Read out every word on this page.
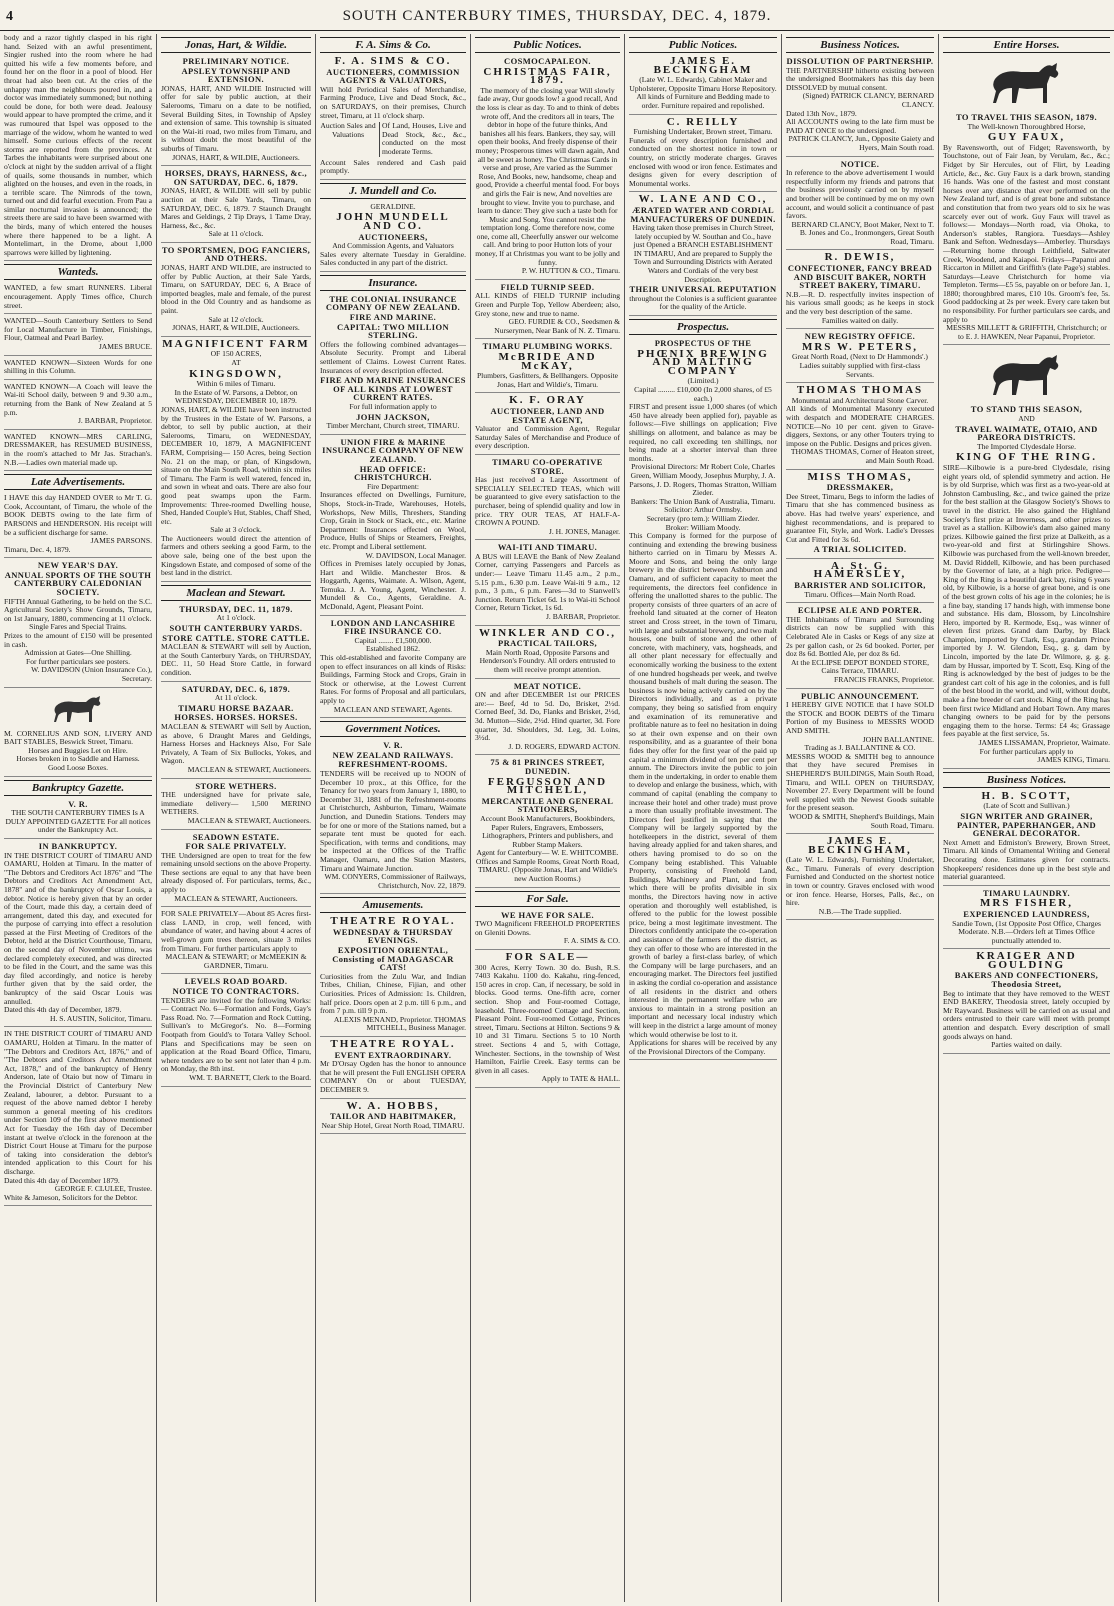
4	SOUTH CANTERBURY TIMES, THURSDAY, DEC. 4, 1879.
body and a razor tightly clasped in his right hand. Seized with an awful presentiment, Singier rushed into the room where he had quitted his wife a few moments before, and found her on the floor in a pool of blood. Her throat had also been cut. At the cries of the unhappy man the neighbours poured in, and a doctor was immediately summoned; but nothing could be done, for both were dead. Jealousy would appear to have prompted the crime, and it was rumoured that Ispel was opposed to the marriage of the widow, whom he wanted to wed himself. Some curious effects of the recent storms are reported from the provinces. At Tarbes the inhabitants were surprised about one o'clock at night by the sudden arrival of a flight of quails, some thousands in number, which alighted on the houses, and even in the roads, in a terrible scare. The Nimrods of the town, turned out and did fearful execution. From Pau a similar nocturnal invasion is announced; the streets there are said to have been swarmed with the birds, many of which entered the houses where there happened to be a light. A Montelimart, in the Drome, about 1,000 sparrows were killed by lightening.
Wanteds.
WANTED, a few smart RUNNERS. Liberal encouragement. Apply Times office, Church street.
WANTED—South Canterbury Settlers to Send for Local Manufacture in Timber, Finishings, Flour, Oatmeal and Pearl Barley.
JAMES BRUCE.
WANTED KNOWN—Sixteen Words for one shilling in this Column.
WANTED KNOWN—A Coach will leave the Wai-iti School daily, between 9 and 9.30 a.m., returning from the Bank of New Zealand at 5 p.m.
J. BARBAR, Proprietor.
WANTED KNOWN—MRS CARLING, DRESSMAKER, has RESUMED BUSINESS, in the room's attached to Mr Jas. Strachan's. N.B.—Ladies own material made up.
Late Advertisements.
I HAVE this day HANDED OVER to Mr T. G. Cook, Accountant, of Timaru, the whole of the BOOK DEBTS owing to the late firm of PARSONS and HENDERSON. His receipt will be a sufficient discharge for same.
JAMES PARSONS.
Timaru, Dec. 4, 1879.
NEW YEAR'S DAY.
ANNUAL SPORTS OF THE SOUTH CANTERBURY CALEDONIAN SOCIETY.
FIFTH Annual Gathering, to be held on the S.C. Agricultural Society's Show Grounds, Timaru, on 1st January, 1880, commencing at 11 o'clock.
Single Fares and Special Trains.
Prizes to the amount of £150 will be presented in cash.
Admission at Gates—One Shilling.
For further particulars see posters.
W. DAVIDSON (Union Insurance Co.), Secretary.
M. CORNELIUS AND SON, LIVERY AND BAIT STABLES, Beswick Street, Timaru.
Horses and Buggies Let on Hire.
Horses broken in to Saddle and Harness.
Good Loose Boxes.
Bankruptcy Gazette.
V. R.
THE SOUTH CANTERBURY TIMES Is A DULY APPOINTED GAZETTE For all notices under the Bankruptcy Act.
IN BANKRUPTCY.
IN THE DISTRICT COURT of TIMARU AND OAMARU, Holden at Timaru. In the matter of "The Debtors and Creditors Act 1876" and "The Debtors and Creditors Act Amendment Act, 1878" and of the bankruptcy of Oscar Louis, a debtor. Notice is hereby given that by an order of the Court, made this day, a certain deed of arrangement, dated this day, and executed for the purpose of carrying into effect a resolution passed at the First Meeting of Creditors of the Debtor, held at the District Courthouse, Timaru, on the second day of November ultimo, was declared completely executed, and was directed to be filed in the Court, and the same was this day filed accordingly, and notice is hereby further given that by the said order, the bankruptcy of the said Oscar Louis was annulled.
Dated this 4th day of December, 1879.
H. S. AUSTIN, Solicitor, Timaru.
IN THE DISTRICT COURT of TIMARU AND OAMARU, Holden at Timaru. In the matter of "The Debtors and Creditors Act, 1876," and of "The Debtors and Creditors Act Amendment Act, 1878," and of the bankruptcy of Henry Anderson, late of Otaio but now of Timaru in the Provincial District of Canterbury New Zealand, labourer, a debtor. Pursuant to a request of the above named debtor I hereby summon a general meeting of his creditors under Section 109 of the first above mentioned Act for Tuesday the 16th day of December instant at twelve o'clock in the forenoon at the District Court House at Timaru for the purpose of taking into consideration the debtor's intended application to this Court for his discharge.
Dated this 4th day of December 1879.
GEORGE F. CLULEE, Trustee.
White & Jameson, Solicitors for the Debtor.
Jonas, Hart, & Wildie.
PRELIMINARY NOTICE.
APSLEY TOWNSHIP AND EXTENSION.
JONAS, HART, AND WILDIE Instructed will offer for sale by public auction, at their Salerooms, Timaru on a date to be notified, Several Building Sites, in Township of Apsley and extension of same. This township is situated on the Wai-iti road, two miles from Timaru, and is without doubt the most beautiful of the suburbs of Timaru.
JONAS, HART, & WILDIE, Auctioneers.
HORSES, DRAYS, HARNESS, &c., ON SATURDAY, DEC. 6, 1879.
JONAS, HART, & WILDIE will sell by public auction at their Sale Yards, Timaru, on SATURDAY, DEC. 6, 1879. 7 Staunch Draught Mares and Geldings, 2 Tip Drays, 1 Tame Dray, Harness, &c., &c.
Sale at 11 o'clock.
TO SPORTSMEN, DOG FANCIERS, AND OTHERS.
JONAS, HART AND WILDIE, are instructed to offer by Public Auction, at their Sale Yards, Timaru, on SATURDAY, DEC 6, A Brace of imported beagles, male and female, of the purest blood in the Old Country and as handsome as paint.
Sale at 12 o'clock.
JONAS, HART, & WILDIE, Auctioneers.
MAGNIFICENT FARM
OF 150 ACRES,
AT
KINGSDOWN,
Within 6 miles of Timaru.
In the Estate of W. Parsons, a Debtor, on WEDNESDAY, DECEMBER 10, 1879.
JONAS, HART, & WILDIE have been instructed by the Trustees in the Estate of W. Parsons, a debtor, to sell by public auction, at their Salerooms, Timaru, on WEDNESDAY, DECEMBER 10, 1879, A MAGNIFICENT FARM, Comprising— 150 Acres, being Section No. 21 on the map, or plan, of Kingsdown, situate on the Main South Road, within six miles of Timaru. The Farm is well watered, fenced in, and sown in wheat and oats. There are also four good peat swamps upon the Farm. Improvements: Three-roomed Dwelling house, Shed, Handed Couple's Hut, Stables, Chaff Shed, etc.
Sale at 3 o'clock.
The Auctioneers would direct the attention of farmers and others seeking a good Farm, to the above sale, being one of the best upon the Kingsdown Estate, and composed of some of the best land in the district.
Maclean and Stewart.
THURSDAY, DEC. 11, 1879.
At 1 o'clock.
SOUTH CANTERBURY YARDS.
STORE CATTLE. STORE CATTLE.
MACLEAN & STEWART will sell by Auction, at the South Canterbury Yards, on THURSDAY, DEC. 11, 50 Head Store Cattle, in forward condition.
SATURDAY, DEC. 6, 1879.
At 11 o'clock.
TIMARU HORSE BAZAAR.
HORSES. HORSES. HORSES.
MACLEAN & STEWART will Sell by Auction, as above, 6 Draught Mares and Geldings, Harness Horses and Hackneys Also, For Sale Privately, A Team of Six Bullocks, Yokes, and Wagon.
MACLEAN & STEWART, Auctioneers.
STORE WETHERS.
THE undersigned have for private sale, immediate delivery— 1,500 MERINO WETHERS.
MACLEAN & STEWART, Auctioneers.
SEADOWN ESTATE.
FOR SALE PRIVATELY.
THE Undersigned are open to treat for the few remaining unsold sections on the above Property. These sections are equal to any that have been already disposed of. For particulars, terms, &c., apply to
MACLEAN & STEWART, Auctioneers.
FOR SALE PRIVATELY—About 85 Acres first-class LAND, in crop, well fenced, with abundance of water, and having about 4 acres of well-grown gum trees thereon, situate 3 miles from Timaru. For further particulars apply to
MACLEAN & STEWART; or McMEEKIN & GARDNER, Timaru.
LEVELS ROAD BOARD.
NOTICE TO CONTRACTORS.
TENDERS are invited for the following Works:— Contract No. 6—Formation and Fords, Gay's Pass Road. No. 7—Formation and Rock Cutting, Sullivan's to McGregor's. No. 8—Forming Footpath from Gould's to Totara Valley School. Plans and Specifications may be seen on application at the Road Board Office, Timaru, where tenders are to be sent not later than 4 p.m. on Monday, the 8th inst.
WM. T. BARNETT, Clerk to the Board.
F. A. Sims & Co.
F. A. SIMS & CO.
AUCTIONEERS, COMMISSION AGENTS & VALUATORS,
Will hold Periodical Sales of Merchandise, Farming Produce, Live and Dead Stock, &c., on SATURDAYS, on their premises, Church street, Timaru, at 11 o'clock sharp.
Auction Sales and Valuations
Of Land, Houses, Live and Dead Stock, &c., &c., conducted on the most moderate Terms.
Account Sales rendered and Cash paid promptly.
J. Mundell and Co.
GERALDINE.
JOHN MUNDELL AND CO.
AUCTIONEERS,
And Commission Agents, and Valuators
Sales every alternate Tuesday in Geraldine. Sales conducted in any part of the district.
Insurance.
THE COLONIAL INSURANCE COMPANY OF NEW ZEALAND.
FIRE AND MARINE.
CAPITAL: TWO MILLION STERLING.
Offers the following combined advantages— Absolute Security. Prompt and Liberal settlement of Claims. Lowest Current Rates. Insurances of every description effected.
FIRE AND MARINE INSURANCES OF ALL KINDS AT LOWEST CURRENT RATES.
For full information apply to
JOHN JACKSON,
Timber Merchant, Church street, TIMARU.
UNION FIRE & MARINE INSURANCE COMPANY OF NEW ZEALAND.
HEAD OFFICE: CHRISTCHURCH.
Fire Department:
Insurances effected on Dwellings, Furniture, Shops, Stock-in-Trade, Warehouses, Hotels, Workshops, New Mills, Threshers, Standing Crop, Grain in Stock or Stack, etc., etc. Marine Department: Insurances effected on Wool, Produce, Hulls of Ships or Steamers, Freights, etc. Prompt and Liberal settlement.
W. DAVIDSON, Local Manager.
Offices in Premises lately occupied by Jonas, Hart and Wildie. Manchester Bros. & Hoggarth, Agents, Waimate. A. Wilson, Agent, Temuka. J. A. Young, Agent, Winchester. J. Mundell & Co., Agents, Geraldine. A. McDonald, Agent, Pleasant Point.
LONDON AND LANCASHIRE FIRE INSURANCE CO.
Capital ........ £1,500,000.
Established 1862.
This old-established and favorite Company are open to effect insurances on all kinds of Risks: Buildings, Farming Stock and Crops, Grain in Stock or otherwise, at the Lowest Current Rates. For forms of Proposal and all particulars, apply to
MACLEAN AND STEWART, Agents.
Government Notices.
V. R.
NEW ZEALAND RAILWAYS.
REFRESHMENT-ROOMS.
TENDERS will be received up to NOON of December 10 prox., at this Office, for the Tenancy for two years from January 1, 1880, to December 31, 1881 of the Refreshment-rooms at Christchurch, Ashburton, Timaru, Waimate Junction, and Dunedin Stations. Tenders may be for one or more of the Stations named, but a separate tent must be quoted for each. Specification, with terms and conditions, may be inspected at the Offices of the Traffic Manager, Oamaru, and the Station Masters, Timaru and Waimate Junction.
WM. CONYERS, Commissioner of Railways, Christchurch, Nov. 22, 1879.
Amusements.
THEATRE ROYAL.
WEDNESDAY & THURSDAY EVENINGS.
EXPOSITION ORIENTAL, Consisting of MADAGASCAR CATS!
Curiosities from the Zulu War, and Indian Tribes, Chilian, Chinese, Fijian, and other Curiosities. Prices of Admission: 1s. Children, half price. Doors open at 2 p.m. till 6 p.m., and from 7 p.m. till 9 p.m.
ALEXIS MENAND, Proprietor. THOMAS MITCHELL, Business Manager.
THEATRE ROYAL.
EVENT EXTRAORDINARY.
Mr D'Orsay Ogden has the honor to announce that he will present the Full ENGLISH OPERA COMPANY On or about TUESDAY, DECEMBER 9.
W. A. HOBBS,
TAILOR AND HABITMAKER,
Near Ship Hotel, Great North Road, TIMARU.
Public Notices.
COSMOCAPALEON.
CHRISTMAS FAIR, 1879.
The memory of the closing year Will slowly fade away, Our goods low! a good recall, And the loss is clear as day. To and to think of debts wrote off, And the creditors all in tears, The debtor in hope of the future thinks, And banishes all his fears. Bankers, they say, will open their books, And freely dispense of their money; Prosperous times will dawn again, And all be sweet as honey. The Christmas Cards in verse and prose, Are varied as the Summer Rose, And Books, new, handsome, cheap and good, Provide a cheerful mental food. For boys and girls the Fair is new, And novelties are brought to view. Invite you to purchase, and learn to dance: They give such a taste both for Music and Song. You cannot resist the temptation long. Come therefore now, come one, come all, Cheerfully answer our welcome call. And bring to poor Hutton lots of your money, If at Christmas you want to be jolly and funny.
P. W. HUTTON & CO., Timaru.
FIELD TURNIP SEED.
ALL KINDS of FIELD TURNIP including Green and Purple Top, Yellow Aberdeen; also, Grey stone, new and true to name.
GEO. FURDIE & CO., Seedsmen & Nurserymen, Near Bank of N. Z. Timaru.
TIMARU PLUMBING WORKS.
McBRIDE AND McKAY,
Plumbers, Gasfitters, & Bellhangers. Opposite Jonas, Hart and Wildie's, Timaru.
K. F. ORAY
AUCTIONEER, LAND AND ESTATE AGENT,
Valuator and Commission Agent, Regular Saturday Sales of Merchandise and Produce of every description.
TIMARU CO-OPERATIVE STORE.
Has just received a Large Assortment of SPECIALLY SELECTED TEAS, which will be guaranteed to give every satisfaction to the purchaser, being of splendid quality and low in price. TRY OUR TEAS, AT HALF-A-CROWN A POUND.
J. H. JONES, Manager.
WAI-ITI AND TIMARU.
A BUS will LEAVE the Bank of New Zealand Corner, carrying Passengers and Parcels as under:— Leave Timaru 11.45 a.m., 2 p.m., 5.15 p.m., 6.30 p.m. Leave Wai-iti 9 a.m., 12 p.m., 3 p.m., 6 p.m. Fares—3d to Stanwell's Junction. Return Ticket 6d. 1s to Wai-iti School Corner, Return Ticket, 1s 6d.
J. BARBAR, Proprietor.
WINKLER AND CO.,
PRACTICAL TAILORS,
Main North Road, Opposite Parsons and Henderson's Foundry. All orders entrusted to them will receive prompt attention.
MEAT NOTICE.
ON and after DECEMBER 1st our PRICES are:— Beef, 4d to 5d. Do, Brisket, 2½d. Corned Beef, 3d. Do, Flanks and Brisket, 2½d, 3d. Mutton—Side, 2½d. Hind quarter, 3d. Fore quarter, 3d. Shoulders, 3d. Leg, 3d. Loins, 3½d.
J. D. ROGERS, EDWARD ACTON.
75 & 81 PRINCES STREET, DUNEDIN.
FERGUSSON AND MITCHELL,
MERCANTILE AND GENERAL STATIONERS,
Account Book Manufacturers, Bookbinders, Paper Rulers, Engravers, Embossers, Lithographers, Printers and publishers, and Rubber Stamp Makers.
Agent for Canterbury— W. E. WHITCOMBE.
Offices and Sample Rooms, Great North Road, TIMARU. (Opposite Jonas, Hart and Wildie's new Auction Rooms.)
For Sale.
WE HAVE FOR SALE.
TWO Magnificent FREEHOLD PROPERTIES on Gleniti Downs.
F. A. SIMS & CO.
FOR SALE—
300 Acres, Kerry Town. 30 do. Bush, R.S. 7403 Kakahu. 1100 do. Kakahu, ring-fenced, 150 acres in crop. Can, if necessary, be sold in blocks. Good terms. One-fifth acre, corner section. Shop and Four-roomed Cottage, leasehold. Three-roomed Cottage and Section, Pleasant Point. Four-roomed Cottage, Princes street, Timaru. Sections at Hilton. Sections 9 & 10 and 31 Timaru. Sections 5 to 10 North street. Sections 4 and 5, with Cottage, Winchester. Sections, in the township of West Hamilton, Fairlie Creek. Easy terms can be given in all cases.
Apply to TATE & HALL.
Public Notices.
JAMES E. BECKINGHAM
(Late W. L. Edwards), Cabinet Maker and Upholsterer, Opposite Timaru Horse Repository. All kinds of Furniture and Bedding made to order. Furniture repaired and repolished.
C. REILLY
Furnishing Undertaker, Brown street, Timaru.
Funerals of every description furnished and conducted on the shortest notice in town or country, on strictly moderate charges. Graves enclosed with wood or iron fence. Estimates and designs given for every description of Monumental works.
W. LANE AND CO.,
ÆRATED WATER AND CORDIAL MANUFACTURERS OF DUNEDIN.
Having taken those premises in Church Street, lately occupied by W. Southan and Co., have just Opened a BRANCH ESTABLISHMENT IN TIMARU, And are prepared to Supply the Town and Surrounding Districts with Aerated Waters and Cordials of the very best Description.
THEIR UNIVERSAL REPUTATION
throughout the Colonies is a sufficient guarantee for the quality of the Article.
Prospectus.
PROSPECTUS OF THE
PHŒNIX BREWING AND MALTING COMPANY
(Limited.)
Capital ......... £10,000 (In 2,000 shares, of £5 each.)
FIRST and present issue 1,000 shares (of which 450 have already been applied for), payable as follows:—Five shillings on application; Five shillings on allotment, and balance as may be required, no call exceeding ten shillings, nor being made at a shorter interval than three months.
Provisional Directors: Mr Robert Cole, Charles Green, William Moody, Josephus Murphy, J. A. Parsons, J. D. Rogers, Thomas Stratton, William Zieder.
Bankers: The Union Bank of Australia, Timaru.
Solicitor: Arthur Ormsby.
Secretary (pro tem.): William Zieder.
Broker: William Moody.
This Company is formed for the purpose of continuing and extending the brewing business hitherto carried on in Timaru by Messrs A. Moore and Sons, and being the only large brewery in the district between Ashburton and Oamaru, and of sufficient capacity to meet the requirements, the directors feel confidence in offering the unallotted shares to the public. The property consists of three quarters of an acre of freehold land situated at the corner of Heaton street and Cross street, in the town of Timaru, with large and substantial brewery, and two malt houses, one built of stone and the other of concrete, with machinery, vats, hogsheads, and all other plant necessary for effectually and economically working the business to the extent of one hundred hogsheads per week, and twelve thousand bushels of malt during the season. The business is now being actively carried on by the Directors individually, and as a private company, they being so satisfied from enquiry and examination of its remunerative and profitable nature as to feel no hesitation in doing so at their own expense and on their own responsibility, and as a guarantee of their bona fides they offer for the first year of the paid up capital a minimum dividend of ten per cent per annum. The Directors invite the public to join them in the undertaking, in order to enable them to develop and enlarge the business, which, with command of capital (enabling the company to increase their hotel and other trade) must prove a more than usually profitable investment. The Directors feel justified in saying that the Company will be largely supported by the hotelkeepers in the district, several of them having already applied for and taken shares, and others having promised to do so on the Company being established. This Valuable Property, consisting of Freehold Land, Buildings, Machinery and Plant, and from which there will be profits divisible in six months, the Directors having now in active operation and thoroughly well established, is offered to the public for the lowest possible price, being a most legitimate investment. The Directors confidently anticipate the co-operation and assistance of the farmers of the district, as they can offer to those who are interested in the growth of barley a first-class barley, of which the Company will be large purchasers, and an encouraging market. The Directors feel justified in asking the cordial co-operation and assistance of all residents in the district and others interested in the permanent welfare who are anxious to maintain in a strong position an important and necessary local industry which will keep in the district a large amount of money which would otherwise be lost to it.
Applications for shares will be received by any of the Provisional Directors of the Company.
Business Notices.
DISSOLUTION OF PARTNERSHIP.
THE PARTNERSHIP hitherto existing between the undersigned Bootmakers has this day been DISSOLVED by mutual consent.
(Signed) PATRICK CLANCY, BERNARD CLANCY.
Dated 13th Nov., 1879.
All ACCOUNTS owing to the late firm must be PAID AT ONCE to the undersigned.
PATRICK CLANCY, Jun., Opposite Gaiety and Hyers, Main South road.
NOTICE.
In reference to the above advertisement I would respectfully inform my friends and patrons that the business previously carried on by myself and brother will be continued by me on my own account, and would solicit a continuance of past favors.
BERNARD CLANCY, Boot Maker, Next to T. B. Jones and Co., Ironmongers, Great South Road, Timaru.
R. DEWIS,
CONFECTIONER, FANCY BREAD AND BISCUIT BAKER, NORTH STREET BAKERY, TIMARU.
N.B.—R. D. respectfully invites inspection of his various small goods; as he keeps in stock and the very best description of the same.
Families waited on daily.
NEW REGISTRY OFFICE.
MRS W. PETERS,
Great North Road, (Next to Dr Hammonds'.) Ladies suitably supplied with first-class Servants.
THOMAS THOMAS
Monumental and Architectural Stone Carver.
All kinds of Monumental Masonry executed with despatch and MODERATE CHARGES. NOTICE—No 10 per cent. given to Grave-diggers, Sextons, or any other Touters trying to impose on the Public. Designs and prices given.
THOMAS THOMAS, Corner of Heaton street, and Main South Road.
MISS THOMAS,
DRESSMAKER,
Dee Street, Timaru, Begs to inform the ladies of Timaru that she has commenced business as above. Has had twelve years' experience, and highest recommendations, and is prepared to guarantee Fit, Style, and Work. Ladie's Dresses Cut and Fitted for 3s 6d.
A TRIAL SOLICITED.
A. St. G. HAMERSLEY,
BARRISTER AND SOLICITOR,
Timaru. Offices—Main North Road.
ECLIPSE ALE AND PORTER.
THE Inhabitants of Timaru and Surrounding districts can now be supplied with this Celebrated Ale in Casks or Kegs of any size at 2s per gallon cash, or 2s 6d booked. Porter, per doz 8s 6d. Bottled Ale, per doz 8s 6d.
At the ECLIPSE DEPOT BONDED STORE, Cains Terrace, TIMARU.
FRANCIS FRANKS, Proprietor.
PUBLIC ANNOUNCEMENT.
I HEREBY GIVE NOTICE that I have SOLD the STOCK and BOOK DEBTS of the Timaru Portion of my Business to MESSRS WOOD AND SMITH.
JOHN BALLANTINE.
Trading as J. BALLANTINE & CO.
MESSRS WOOD & SMITH beg to announce that they have secured Premises in SHEPHERD'S BUILDINGS, Main South Road, Timaru, and WILL OPEN on THURSDAY, November 27. Every Department will be found well supplied with the Newest Goods suitable for the present season.
WOOD & SMITH, Shepherd's Buildings, Main South Road, Timaru.
JAMES E. BECKINGHAM,
(Late W. L. Edwards), Furnishing Undertaker, &c., Timaru. Funerals of every description Furnished and Conducted on the shortest notice in town or country. Graves enclosed with wood or iron fence. Hearse, Horses, Palls, &c., on hire.
N.B.—The Trade supplied.
Entire Horses.
TO TRAVEL THIS SEASON, 1879.
The Well-known Thoroughbred Horse,
GUY FAUX,
By Ravensworth, out of Fidget; Ravensworth, by Touchstone, out of Fair Jean, by Verulam, &c., &c.; Fidget by Sir Hercules, out of Flirt, by Leading Article, &c., &c. Guy Faux is a dark brown, standing 16 hands. Was one of the fastest and most constant horses over any distance that ever performed on the New Zealand turf, and is of great bone and substance and constitution that from two years old to six he was scarcely ever out of work. Guy Faux will travel as follows:— Mondays—North road, via Ohoka, to Anderson's stables, Rangiora. Tuesdays—Ashley Bank and Sefton. Wednesdays—Amberley. Thursdays—Returning home through Leithfield, Saltwater Creek, Woodend, and Kaiapoi. Fridays—Papanui and Riccarton in Millett and Griffith's (late Page's) stables. Saturdays—Leave Christchurch for home via Templeton. Terms—£5 5s, payable on or before Jan. 1, 1880; thoroughbred mares, £10 10s. Groom's fee, 5s. Good paddocking at 2s per week. Every care taken but no responsibility. For further particulars see cards, and apply to
MESSRS MILLETT & GRIFFITH, Christchurch; or to E. J. HAWKEN, Near Papanui, Proprietor.
TO STAND THIS SEASON,
AND
TRAVEL WAIMATE, OTAIO, AND PAREORA DISTRICTS.
The Imported Clydesdale Horse.
KING OF THE RING.
SIRE—Kilbowie is a pure-bred Clydesdale, rising eight years old, of splendid symmetry and action. He is by old Surprise, which was first as a two-year-old at Johnston Cambusling, &c., and twice gained the prize for the best stallion at the Glasgow Society's Shows to travel in the district. He also gained the Highland Society's first prize at Inverness, and other prizes to travel as a stallion. Kilbowie's dam also gained many prizes. Kilbowie gained the first prize at Dalkeith, as a two-year-old and first at Stirlingshire Shows. Kilbowie was purchased from the well-known breeder, M. David Riddell, Kilbowie, and has been purchased by the Governor of late, at a high price. Pedigree—King of the Ring is a beautiful dark bay, rising 6 years old, by Kilbowie, is a horse of great bone, and is one of the best grown colts of his age in the colonies; he is a fine bay, standing 17 hands high, with immense bone and substance. His dam, Blossom, by Lincolnshire Hero, imported by R. Kermode, Esq., was winner of eleven first prizes. Grand dam Darby, by Black Champion, imported by Clark, Esq., grandam Prince imported by J. W. Glendon, Esq., g. g. dam by Lincoln, imported by the late Dr. Wilmore, g. g. g. dam by Hussar, imported by T. Scott, Esq. King of the Ring is acknowledged by the best of judges to be the grandest cart colt of his age in the colonies, and is full of the best blood in the world, and will, without doubt, make a fine breeder of cart stock. King of the Ring has been first twice Midland and Hobart Town. Any mares changing owners to be paid for by the persons engaging them to the horse. Terms: £4 4s; Grassage fees payable at the first service, 5s.
JAMES LISSAMAN, Proprietor, Waimate.
For further particulars apply to
JAMES KING, Timaru.
Business Notices.
H. B. SCOTT,
(Late of Scott and Sullivan.)
SIGN WRITER AND GRAINER, PAINTER, PAPERHANGER, AND GENERAL DECORATOR.
Next Arnett and Edmiston's Brewery, Brown Street, Timaru. All kinds of Ornamental Writing and General Decorating done. Estimates given for contracts. Shopkeepers' residences done up in the best style and material guaranteed.
TIMARU LAUNDRY.
MRS FISHER,
EXPERIENCED LAUNDRESS,
Sandie Town, (1st Opposite Post Office, Charges Moderate. N.B.—Orders left at Times Office punctually attended to.
KRAIGER AND GOULDING
BAKERS AND CONFECTIONERS, Theodosia Street,
Beg to intimate that they have removed to the WEST END BAKERY, Theodosia street, lately occupied by Mr Rayward. Business will be carried on as usual and orders entrusted to their care will meet with prompt attention and despatch. Every description of small goods always on hand.
Parties waited on daily.
